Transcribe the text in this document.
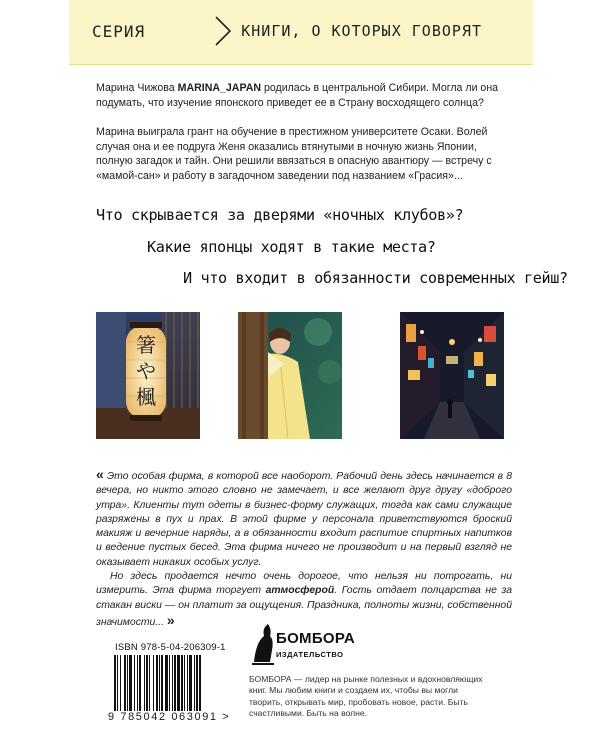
СЕРИЯ	КНИГИ, О КОТОРЫХ ГОВОРЯТ
Марина Чижова MARINA_JAPAN родилась в центральной Сибири. Могла ли она подумать, что изучение японского приведет ее в Страну восходящего солнца?
Марина выиграла грант на обучение в престижном университете Осаки. Волей случая она и ее подруга Женя оказались втянутыми в ночную жизнь Японии, полную загадок и тайн. Они решили ввязаться в опасную авантюру — встречу с «мамой-сан» и работу в загадочном заведении под названием «Грасия»...
Что скрывается за дверями «ночных клубов»?
Какие японцы ходят в такие места?
И что входит в обязанности современных гейш?
箸
や
楓
« Это особая фирма, в которой все наоборот. Рабочий день здесь начинается в 8 вечера, но никто этого словно не замечает, и все желают друг другу «доброго утра». Клиенты тут одеты в бизнес-форму служащих, тогда как сами служащие разряжены в пух и прах. В этой фирме у персонала приветствуются броский макияж и вечерние наряды, а в обязанности входит распитие спиртных напитков и ведение пустых бесед. Эта фирма ничего не производит и на первый взгляд не оказывает никаких особых услуг.
Но здесь продается нечто очень дорогое, что нельзя ни потрогать, ни измерить. Эта фирма торгует атмосферой. Гость отдает полцарства не за стакан виски — он платит за ощущения. Праздника, полноты жизни, собственной значимости... »
ISBN 978-5-04-206309-1
9 785042 063091 >
БОМБОРА
ИЗДАТЕЛЬСТВО
БОМБОРА — лидер на рынке полезных и вдохновляющих книг. Мы любим книги и создаем их, чтобы вы могли творить, открывать мир, пробовать новое, расти. Быть счастливыми. Быть на волне.
